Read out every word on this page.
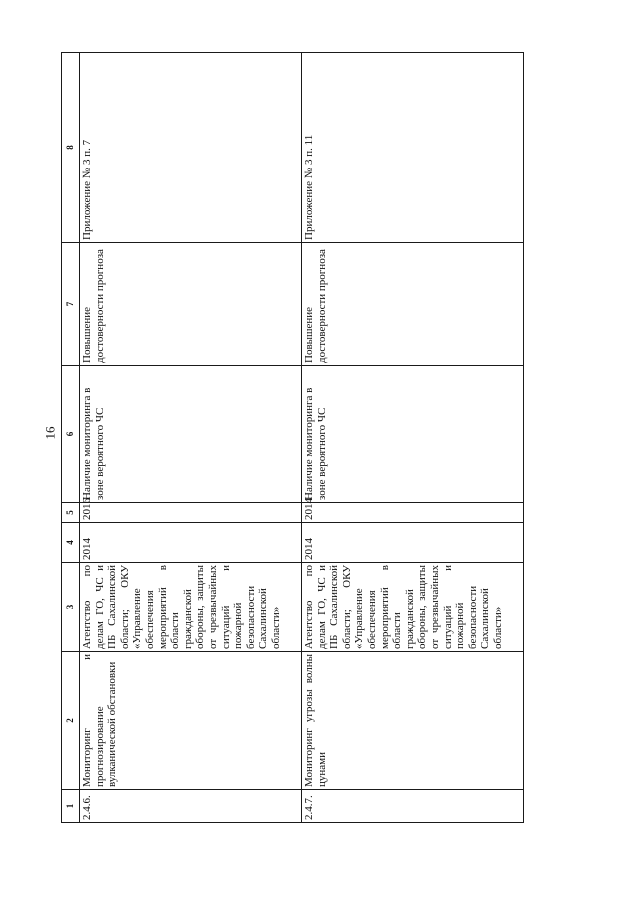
16
1	2	3	4	5	6	7	8
2.4.6.	Мониторинг и прогнозирование вулканической обстановки	Агентство по делам ГО, ЧС и ПБ Сахалинской области; ОКУ «Управление обеспечения мероприятий в области гражданской обороны, защиты от чрезвычайных ситуаций и пожарной безопасности Сахалинской области»	2014	2016	Наличие мониторинга в зоне вероятного ЧС	Повышение достоверности прогноза	Приложение № 3 п. 7
2.4.7.	Мониторинг угрозы волны цунами	Агентство по делам ГО, ЧС и ПБ Сахалинской области; ОКУ «Управление обеспечения мероприятий в области гражданской обороны, защиты от чрезвычайных ситуаций и пожарной безопасности Сахалинской области»	2014	2014	Наличие мониторинга в зоне вероятного ЧС	Повышение достоверности прогноза	Приложение № 3 п. 11
